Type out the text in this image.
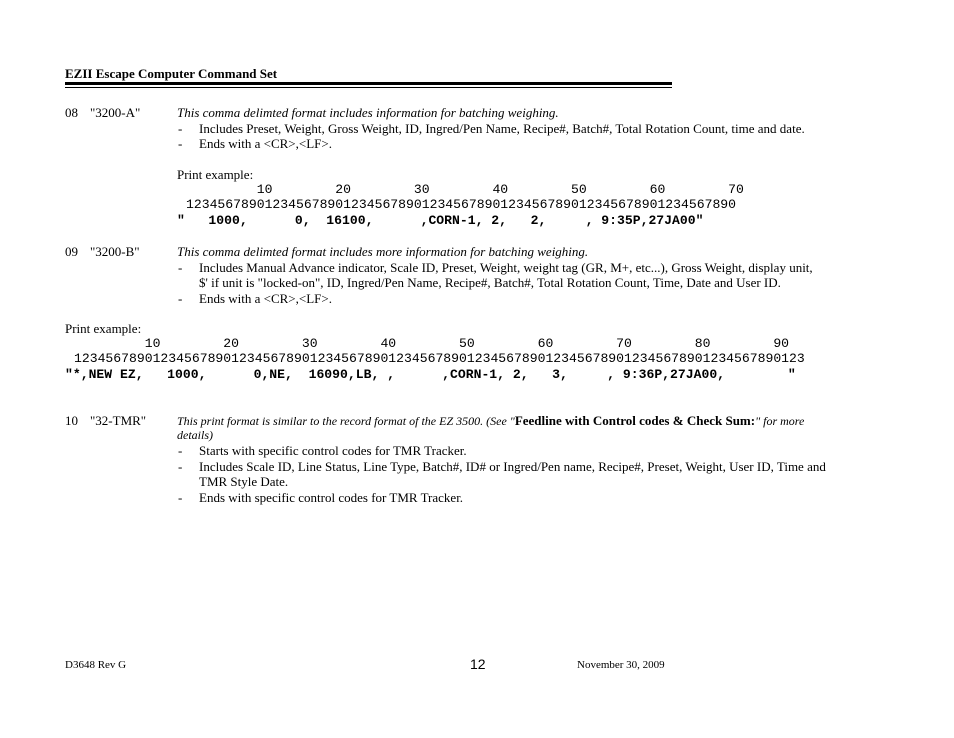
EZII Escape Computer Command Set
08 "3200-A"	This comma delimted format includes information for batching weighing.
- Includes Preset, Weight, Gross Weight, ID, Ingred/Pen Name, Recipe#, Batch#, Total Rotation Count, time and date.
- Ends with a <CR>,<LF>.
Print example:
10        20        30        40        50        60        70
1234567890123456789012345678901234567890123456789012345678901234567890
"   1000,      0,  16100,      ,CORN-1, 2,   2,     , 9:35P,27JA00"
09 "3200-B"	This comma delimted format includes more information for batching weighing.
- Includes Manual Advance indicator, Scale ID, Preset, Weight, weight tag (GR, M+, etc...), Gross Weight, display unit,
$' if unit is "locked-on", ID, Ingred/Pen Name, Recipe#, Batch#, Total Rotation Count, Time, Date and User ID.
- Ends with a <CR>,<LF>.
Print example:
10        20        30        40        50        60        70        80        90
123456789012345678901234567890123456789012345678901234567890123456789012345678901234567890123
"*,NEW EZ,   1000,      0,NE,  16090,LB, ,      ,CORN-1, 2,   3,     , 9:36P,27JA00,        "
10 "32-TMR"	This print format is similar to the record format of the EZ 3500. (See "Feedline with Control codes & Check Sum:" for more
details)
- Starts with specific control codes for TMR Tracker.
- Includes Scale ID, Line Status, Line Type, Batch#, ID# or Ingred/Pen name, Recipe#, Preset, Weight, User ID, Time and
TMR Style Date.
- Ends with specific control codes for TMR Tracker.
D3648 Rev G	12	November 30, 2009
